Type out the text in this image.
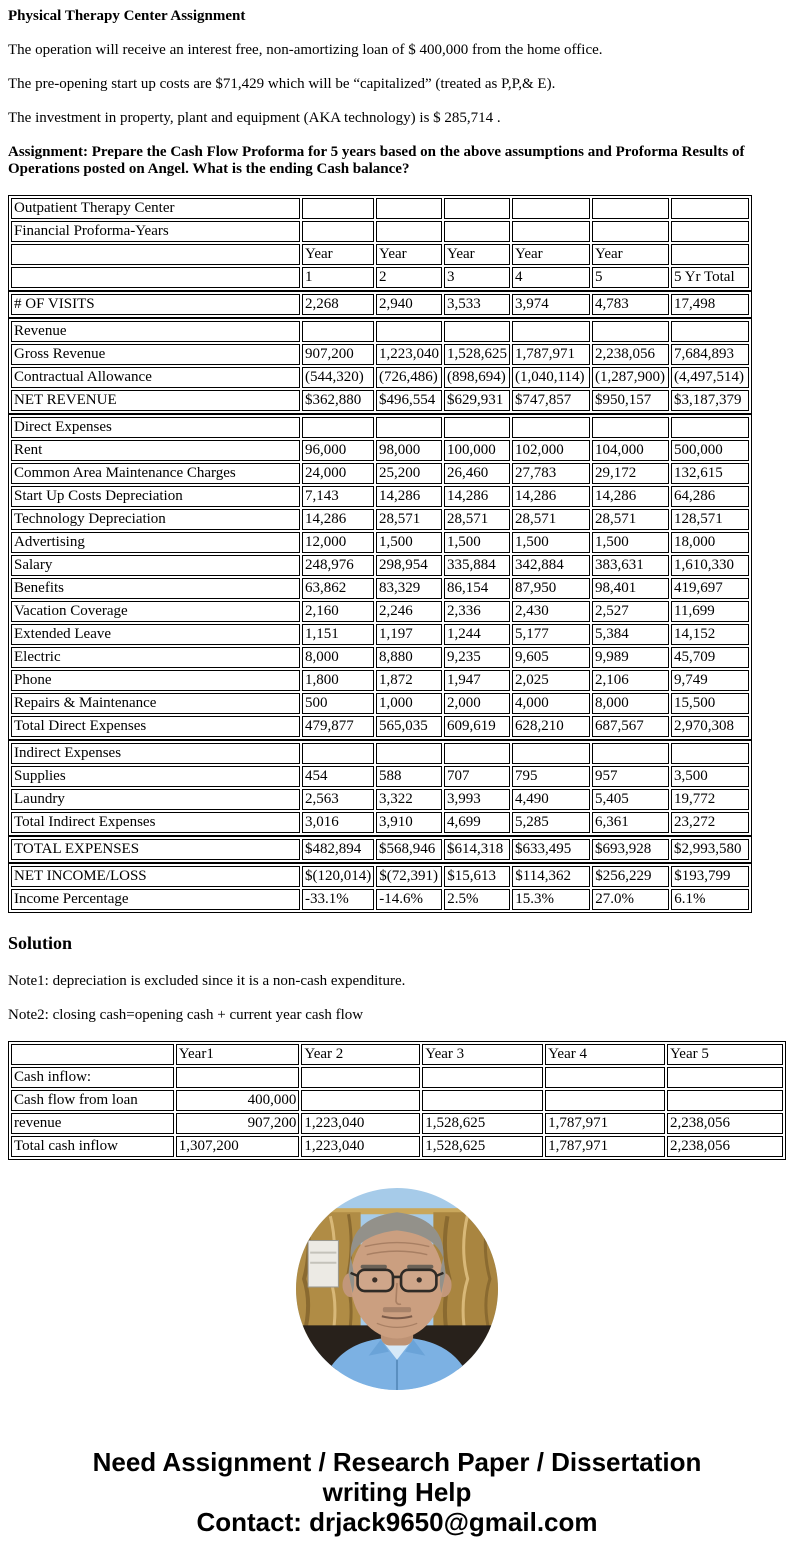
Physical Therapy Center Assignment

The operation will receive an interest free, non-amortizing loan of $ 400,000 from the home office.

The pre-opening start up costs are $71,429 which will be “capitalized” (treated as P,P,& E).

The investment in property, plant and equipment (AKA technology) is $ 285,714 .

Assignment: Prepare the Cash Flow Proforma for 5 years based on the above assumptions and Proforma Results of Operations posted on Angel. What is the ending Cash balance?

Outpatient Therapy Center						
Financial Proforma-Years						
	Year	Year	Year	Year	Year	
	1	2	3	4	5	5 Yr Total
# OF VISITS	2,268	2,940	3,533	3,974	4,783	17,498
Revenue						
Gross Revenue	907,200	1,223,040	1,528,625	1,787,971	2,238,056	7,684,893
Contractual Allowance	(544,320)	(726,486)	(898,694)	(1,040,114)	(1,287,900)	(4,497,514)
NET REVENUE	$362,880	$496,554	$629,931	$747,857	$950,157	$3,187,379
Direct Expenses						
Rent	96,000	98,000	100,000	102,000	104,000	500,000
Common Area Maintenance Charges	24,000	25,200	26,460	27,783	29,172	132,615
Start Up Costs Depreciation	7,143	14,286	14,286	14,286	14,286	64,286
Technology Depreciation	14,286	28,571	28,571	28,571	28,571	128,571
Advertising	12,000	1,500	1,500	1,500	1,500	18,000
Salary	248,976	298,954	335,884	342,884	383,631	1,610,330
Benefits	63,862	83,329	86,154	87,950	98,401	419,697
Vacation Coverage	2,160	2,246	2,336	2,430	2,527	11,699
Extended Leave	1,151	1,197	1,244	5,177	5,384	14,152
Electric	8,000	8,880	9,235	9,605	9,989	45,709
Phone	1,800	1,872	1,947	2,025	2,106	9,749
Repairs & Maintenance	500	1,000	2,000	4,000	8,000	15,500
Total Direct Expenses	479,877	565,035	609,619	628,210	687,567	2,970,308
Indirect Expenses						
Supplies	454	588	707	795	957	3,500
Laundry	2,563	3,322	3,993	4,490	5,405	19,772
Total Indirect Expenses	3,016	3,910	4,699	5,285	6,361	23,272
TOTAL EXPENSES	$482,894	$568,946	$614,318	$633,495	$693,928	$2,993,580
NET INCOME/LOSS	$(120,014)	$(72,391)	$15,613	$114,362	$256,229	$193,799
Income Percentage	-33.1%	-14.6%	2.5%	15.3%	27.0%	6.1%
Solution

Note1: depreciation is excluded since it is a non-cash expenditure.

Note2: closing cash=opening cash + current year cash flow

	Year1	Year 2	Year 3	Year 4	Year 5
Cash inflow:					
Cash flow from loan	400,000				
revenue	907,200	1,223,040	1,528,625	1,787,971	2,238,056
Total cash inflow	1,307,200	1,223,040	1,528,625	1,787,971	2,238,056
Need Assignment / Research Paper / Dissertation
writing Help
Contact: drjack9650@gmail.com
